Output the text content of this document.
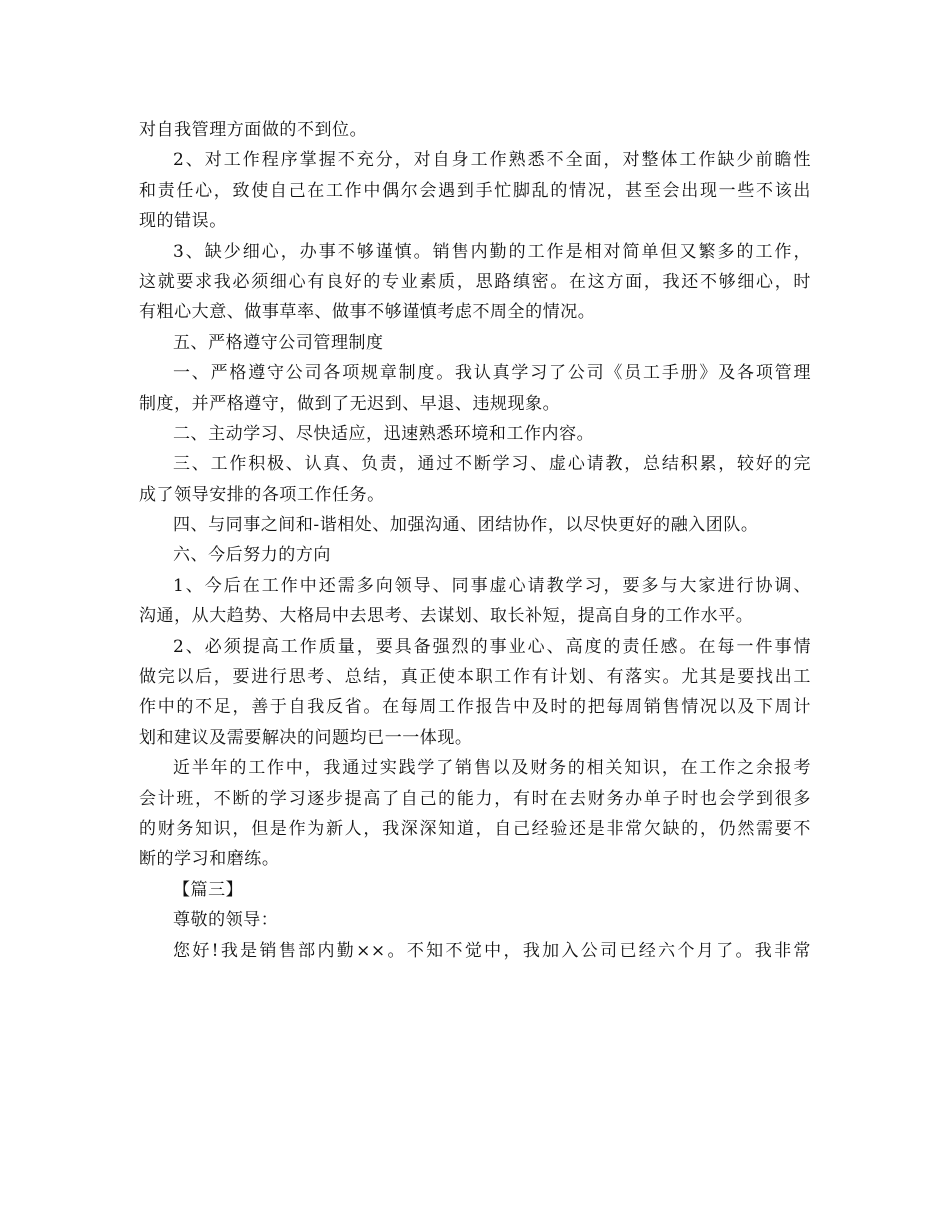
对自我管理方面做的不到位。
2、对工作程序掌握不充分，对自身工作熟悉不全面，对整体工作缺少前瞻性
和责任心，致使自己在工作中偶尔会遇到手忙脚乱的情况，甚至会出现一些不该出
现的错误。
3、缺少细心，办事不够谨慎。销售内勤的工作是相对简单但又繁多的工作，
这就要求我必须细心有良好的专业素质，思路缜密。在这方面，我还不够细心，时
有粗心大意、做事草率、做事不够谨慎考虑不周全的情况。
五、严格遵守公司管理制度
一、严格遵守公司各项规章制度。我认真学习了公司《员工手册》及各项管理
制度，并严格遵守，做到了无迟到、早退、违规现象。
二、主动学习、尽快适应，迅速熟悉环境和工作内容。
三、工作积极、认真、负责，通过不断学习、虚心请教，总结积累，较好的完
成了领导安排的各项工作任务。
四、与同事之间和-谐相处、加强沟通、团结协作，以尽快更好的融入团队。
六、今后努力的方向
1、今后在工作中还需多向领导、同事虚心请教学习，要多与大家进行协调、
沟通，从大趋势、大格局中去思考、去谋划、取长补短，提高自身的工作水平。
2、必须提高工作质量，要具备强烈的事业心、高度的责任感。在每一件事情
做完以后，要进行思考、总结，真正使本职工作有计划、有落实。尤其是要找出工
作中的不足，善于自我反省。在每周工作报告中及时的把每周销售情况以及下周计
划和建议及需要解决的问题均已一一体现。
近半年的工作中，我通过实践学了销售以及财务的相关知识，在工作之余报考
会计班，不断的学习逐步提高了自己的能力，有时在去财务办单子时也会学到很多
的财务知识，但是作为新人，我深深知道，自己经验还是非常欠缺的，仍然需要不
断的学习和磨练。
【篇三】
尊敬的领导：
您好!我是销售部内勤××。不知不觉中，我加入公司已经六个月了。我非常
